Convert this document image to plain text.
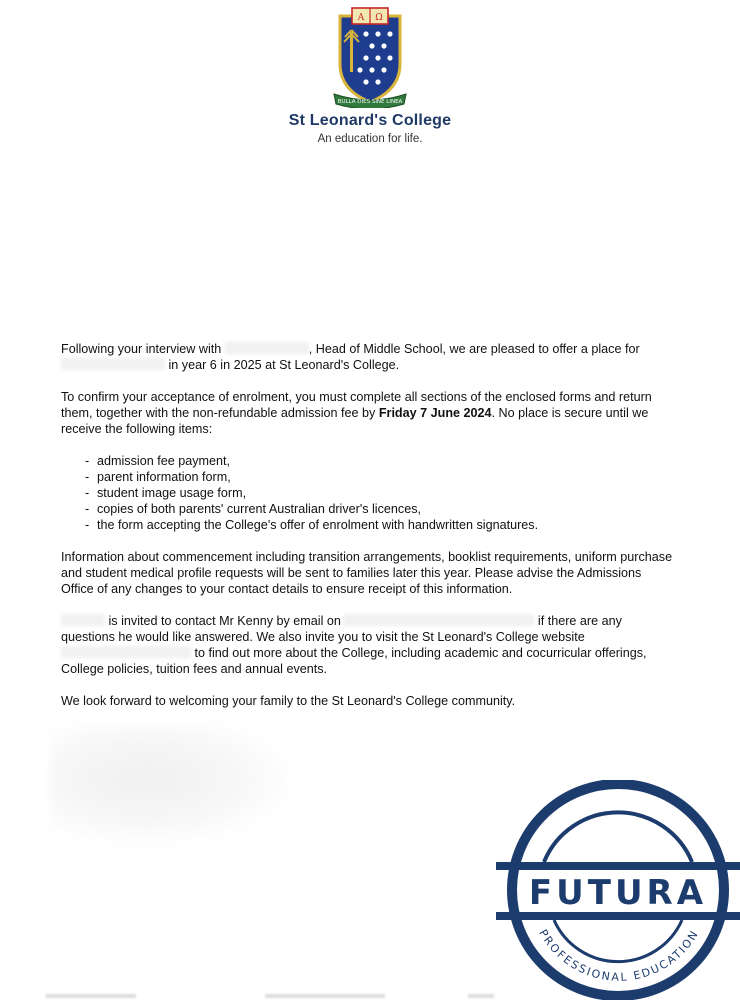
A Ω
BULLA DIES SINE LINEA
St Leonard's College
An education for life.

Following your interview with	, Head of Middle School, we are pleased to offer a place for
in year 6 in 2025 at St Leonard's College.

To confirm your acceptance of enrolment, you must complete all sections of the enclosed forms and return them, together with the non-refundable admission fee by Friday 7 June 2024. No place is secure until we receive the following items:

- admission fee payment,
- parent information form,
- student image usage form,
- copies of both parents' current Australian driver's licences,
- the form accepting the College's offer of enrolment with handwritten signatures.

Information about commencement including transition arrangements, booklist requirements, uniform purchase and student medical profile requests will be sent to families later this year. Please advise the Admissions Office of any changes to your contact details to ensure receipt of this information.

is invited to contact Mr Kenny by email on	if there are any questions he would like answered. We also invite you to visit the St Leonard's College website  to find out more about the College, including academic and cocurricular offerings, College policies, tuition fees and annual events.

We look forward to welcoming your family to the St Leonard's College community.

FUTURA
PROFESSIONAL EDUCATION
